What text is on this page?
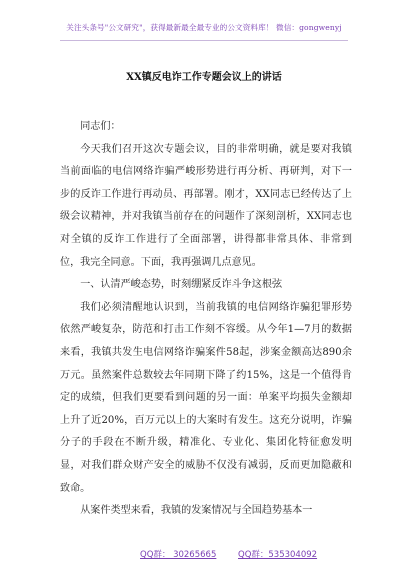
关注头条号"公文研究"，获得最新最全最专业的公文资料库！ 微信：gongwenyj
XX镇反电诈工作专题会议上的讲话

同志们：

今天我们召开这次专题会议，目的非常明确，就是要对我镇当前面临的电信网络诈骗严峻形势进行再分析、再研判，对下一步的反诈工作进行再动员、再部署。刚才，XX同志已经传达了上级会议精神，并对我镇当前存在的问题作了深刻剖析，XX同志也对全镇的反诈工作进行了全面部署，讲得都非常具体、非常到位，我完全同意。下面，我再强调几点意见。

一、认清严峻态势，时刻绷紧反诈斗争这根弦

我们必须清醒地认识到，当前我镇的电信网络诈骗犯罪形势依然严峻复杂，防范和打击工作刻不容缓。从今年1—7月的数据来看，我镇共发生电信网络诈骗案件58起，涉案金额高达890余万元。虽然案件总数较去年同期下降了约15%，这是一个值得肯定的成绩，但我们更要看到问题的另一面：单案平均损失金额却上升了近20%，百万元以上的大案时有发生。这充分说明，诈骗分子的手段在不断升级，精准化、专业化、集团化特征愈发明显，对我们群众财产安全的威胁不仅没有减弱，反而更加隐蔽和致命。

从案件类型来看，我镇的发案情况与全国趋势基本一

QQ群： 30265665	QQ群：535304092
